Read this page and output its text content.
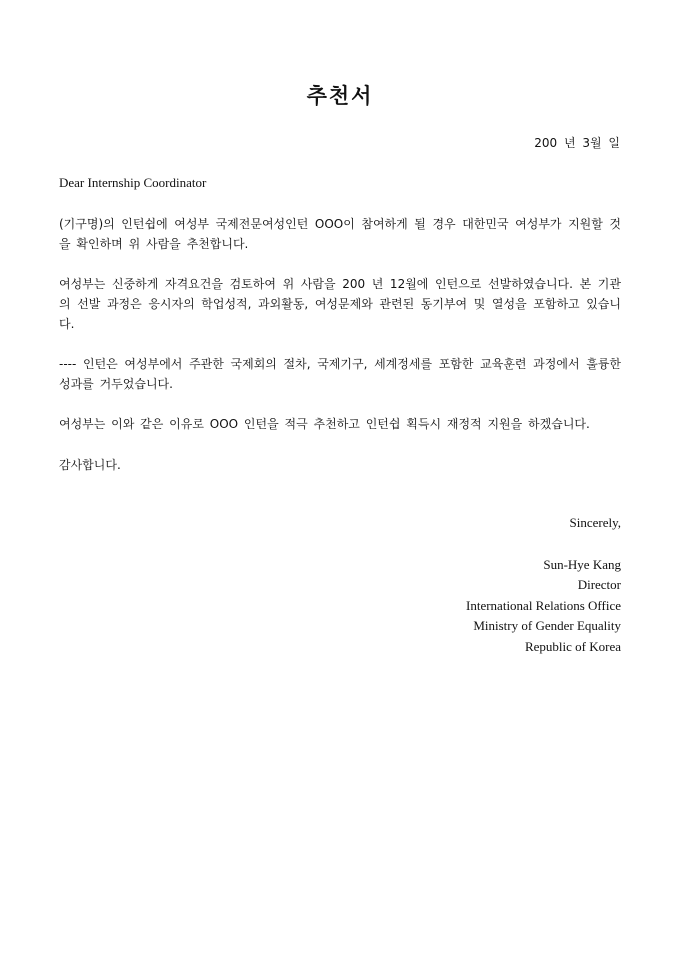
추천서
200 년 3월 일
Dear Internship Coordinator
(기구명)의 인턴쉽에 여성부 국제전문여성인턴 OOO이 참여하게 될 경우 대한민국 여성부가 지원할 것을 확인하며 위 사람을 추천합니다.
여성부는 신중하게 자격요건을 검토하여 위 사람을 200 년 12월에 인턴으로 선발하였습니다. 본 기관의 선발 과정은 응시자의 학업성적, 과외활동, 여성문제와 관련된 동기부여 및 열성을 포함하고 있습니다.
---- 인턴은 여성부에서 주관한 국제회의 절차, 국제기구, 세계정세를 포함한 교육훈련 과정에서 훌륭한 성과를 거두었습니다.
여성부는 이와 같은 이유로 OOO 인턴을 적극 추천하고 인턴쉽 획득시 재정적 지원을 하겠습니다.
감사합니다.
Sincerely,
Sun-Hye Kang
Director
International Relations Office
Ministry of Gender Equality
Republic of Korea
